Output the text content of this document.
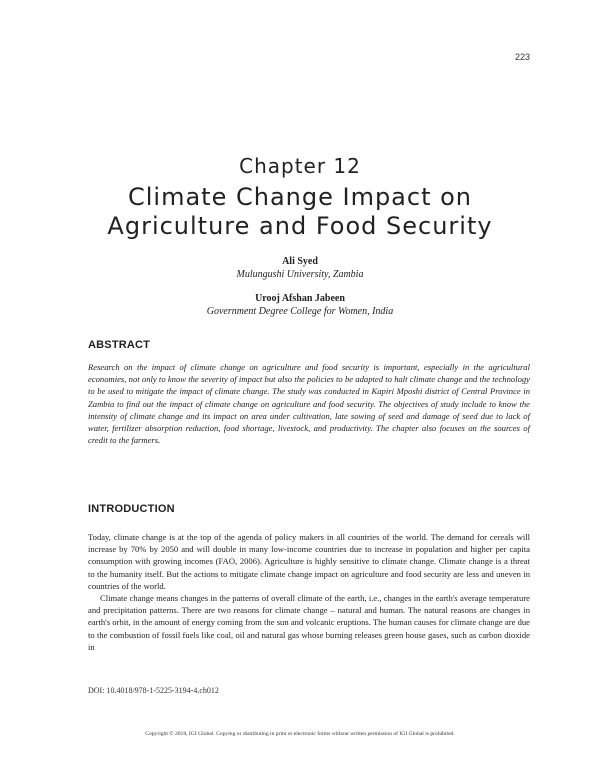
223
Chapter 12
Climate Change Impact on
Agriculture and Food Security
Ali Syed
Mulungushi University, Zambia
Urooj Afshan Jabeen
Government Degree College for Women, India
ABSTRACT
Research on the impact of climate change on agriculture and food security is important, especially in the agricultural economies, not only to know the severity of impact but also the policies to be adapted to halt climate change and the technology to be used to mitigate the impact of climate change. The study was conducted in Kapiri Mposhi district of Central Province in Zambia to find out the impact of climate change on agriculture and food security. The objectives of study include to know the intensity of climate change and its impact on area under cultivation, late sowing of seed and damage of seed due to lack of water, fertilizer absorption reduction, food shortage, livestock, and productivity. The chapter also focuses on the sources of credit to the farmers.
INTRODUCTION

Today, climate change is at the top of the agenda of policy makers in all countries of the world. The demand for cereals will increase by 70% by 2050 and will double in many low-income countries due to increase in population and higher per capita consumption with growing incomes (FAO, 2006). Agriculture is highly sensitive to climate change. Climate change is a threat to the humanity itself. But the actions to mitigate climate change impact on agriculture and food security are less and uneven in countries of the world.

Climate change means changes in the patterns of overall climate of the earth, i.e., changes in the earth's average temperature and precipitation patterns. There are two reasons for climate change – natural and human. The natural reasons are changes in earth's orbit, in the amount of energy coming from the sun and volcanic eruptions. The human causes for climate change are due to the combustion of fossil fuels like coal, oil and natural gas whose burning releases green house gases, such as carbon dioxide in

DOI: 10.4018/978-1-5225-3194-4.ch012
Copyright © 2018, IGI Global. Copying or distributing in print or electronic forms without written permission of IGI Global is prohibited.
